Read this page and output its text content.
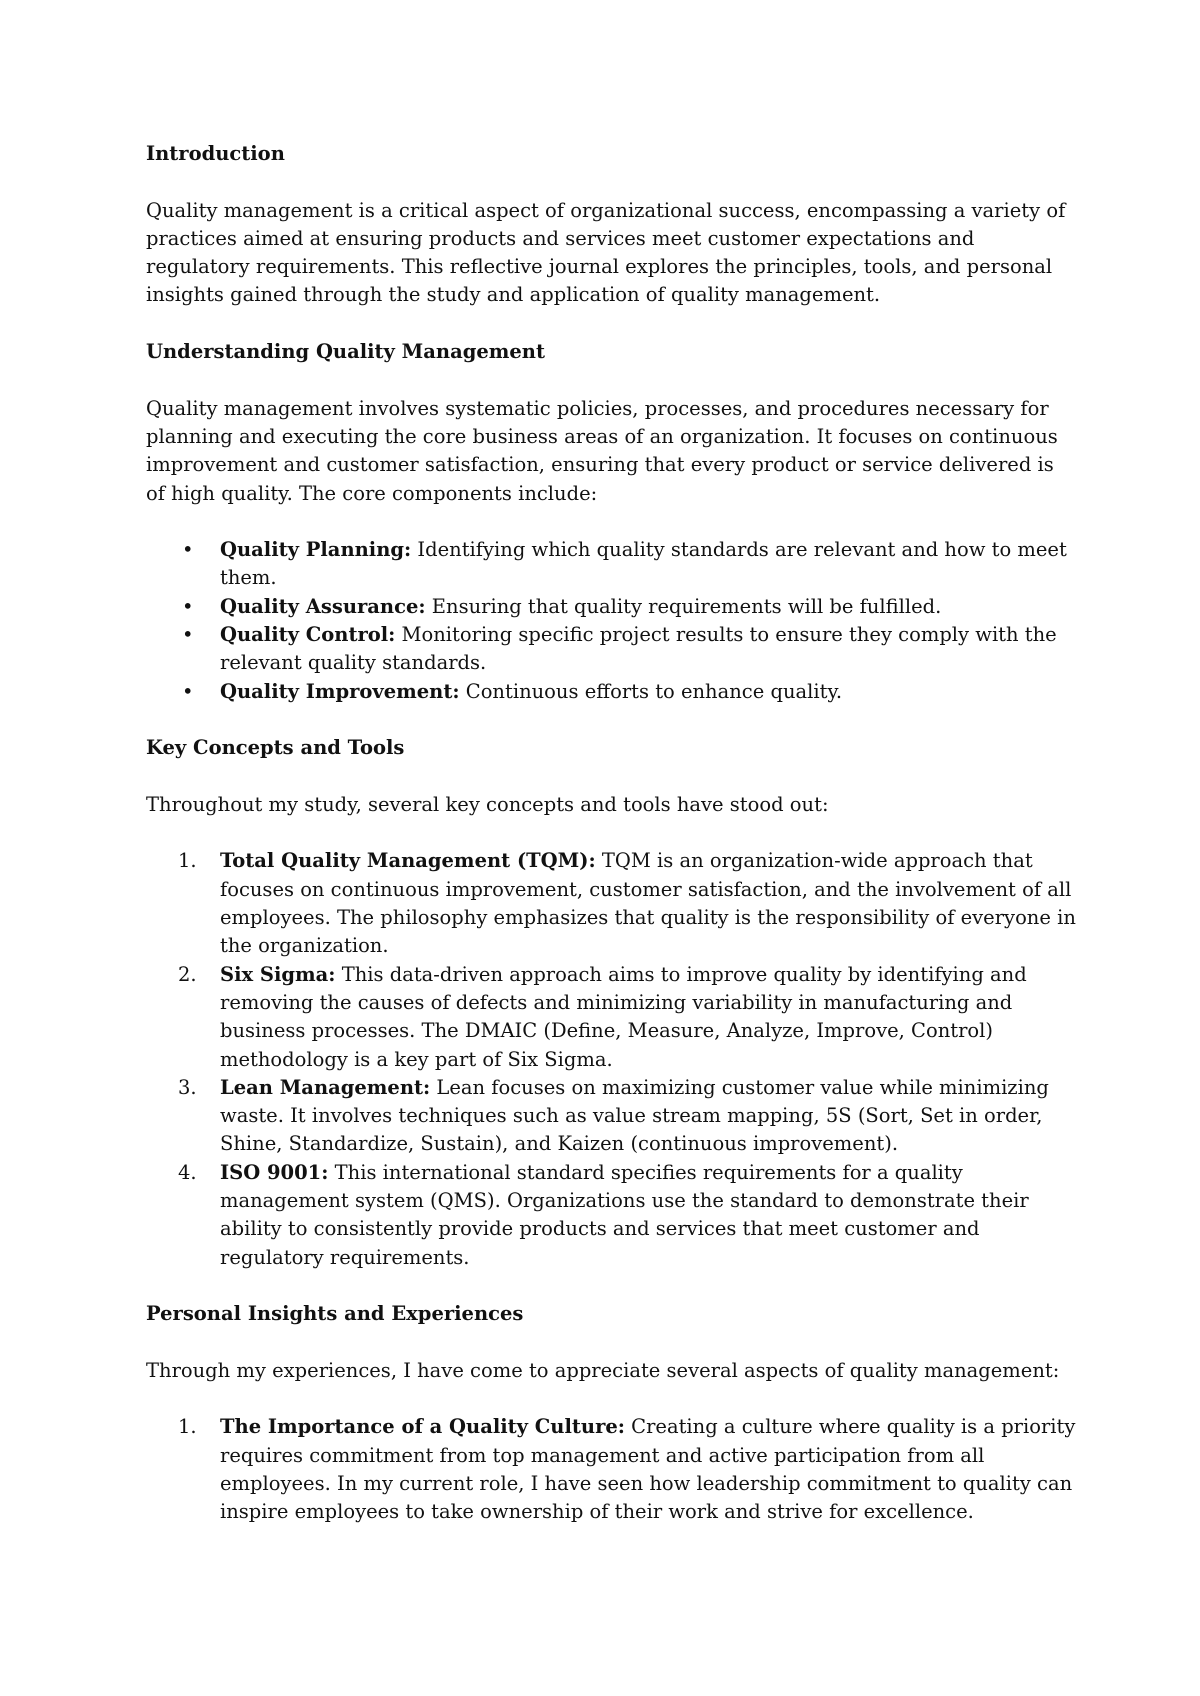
Introduction

Quality management is a critical aspect of organizational success, encompassing a variety of practices aimed at ensuring products and services meet customer expectations and regulatory requirements. This reflective journal explores the principles, tools, and personal insights gained through the study and application of quality management.

Understanding Quality Management

Quality management involves systematic policies, processes, and procedures necessary for planning and executing the core business areas of an organization. It focuses on continuous improvement and customer satisfaction, ensuring that every product or service delivered is of high quality. The core components include:

• Quality Planning: Identifying which quality standards are relevant and how to meet them.
• Quality Assurance: Ensuring that quality requirements will be fulfilled.
• Quality Control: Monitoring specific project results to ensure they comply with the relevant quality standards.
• Quality Improvement: Continuous efforts to enhance quality.
Key Concepts and Tools

Throughout my study, several key concepts and tools have stood out:

1. Total Quality Management (TQM): TQM is an organization-wide approach that focuses on continuous improvement, customer satisfaction, and the involvement of all employees. The philosophy emphasizes that quality is the responsibility of everyone in the organization.
2. Six Sigma: This data-driven approach aims to improve quality by identifying and removing the causes of defects and minimizing variability in manufacturing and business processes. The DMAIC (Define, Measure, Analyze, Improve, Control) methodology is a key part of Six Sigma.
3. Lean Management: Lean focuses on maximizing customer value while minimizing waste. It involves techniques such as value stream mapping, 5S (Sort, Set in order, Shine, Standardize, Sustain), and Kaizen (continuous improvement).
4. ISO 9001: This international standard specifies requirements for a quality management system (QMS). Organizations use the standard to demonstrate their ability to consistently provide products and services that meet customer and regulatory requirements.
Personal Insights and Experiences

Through my experiences, I have come to appreciate several aspects of quality management:

1. The Importance of a Quality Culture: Creating a culture where quality is a priority requires commitment from top management and active participation from all employees. In my current role, I have seen how leadership commitment to quality can inspire employees to take ownership of their work and strive for excellence.
